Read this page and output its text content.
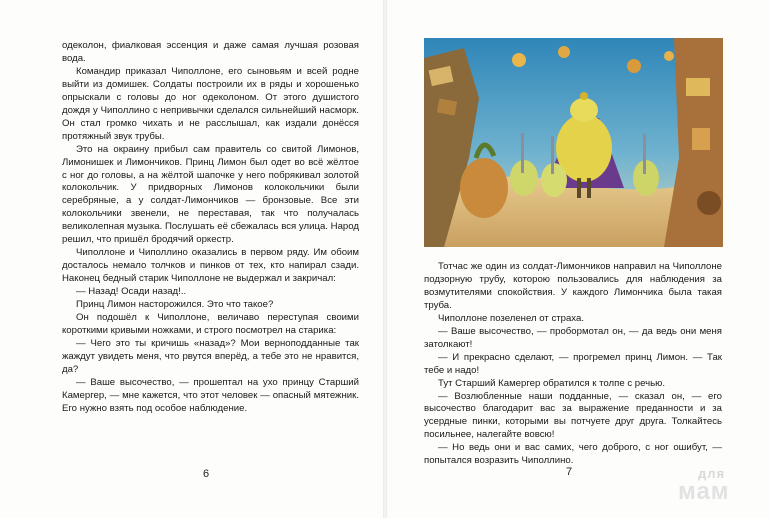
одеколон, фиалковая эссенция и даже самая лучшая розовая вода.

Командир приказал Чиполлоне, его сыновьям и всей родне выйти из домишек. Солдаты построили их в ряды и хорошенько опрыскали с головы до ног одеколоном. От этого душистого дождя у Чиполлино с непривычки сделался сильнейший насморк. Он стал громко чихать и не расслышал, как издали донёсся протяжный звук трубы.

Это на окраину прибыл сам правитель со свитой Лимонов, Лимонишек и Лимончиков. Принц Лимон был одет во всё жёлтое с ног до головы, а на жёлтой шапочке у него побрякивал золотой колокольчик. У придворных Лимонов колокольчики были серебряные, а у солдат-Лимончиков — бронзовые. Все эти колокольчики звенели, не переставая, так что получалась великолепная музыка. Послушать её сбежалась вся улица. Народ решил, что пришёл бродячий оркестр.

Чиполлоне и Чиполлино оказались в первом ряду. Им обоим досталось немало толчков и пинков от тех, кто напирал сзади. Наконец бедный старик Чиполлоне не выдержал и закричал:

— Назад! Осади назад!..

Принц Лимон насторожился. Это что такое?

Он подошёл к Чиполлоне, величаво переступая своими короткими кривыми ножками, и строго посмотрел на старика:

— Чего это ты кричишь «назад»? Мои верноподданные так жаждут увидеть меня, что рвутся вперёд, а тебе это не нравится, да?

— Ваше высочество, — прошептал на ухо принцу Старший Камергер, — мне кажется, что этот человек — опасный мятежник. Его нужно взять под особое наблюдение.

6

Тотчас же один из солдат-Лимончиков направил на Чиполлоне подзорную трубу, которою пользовались для наблюдения за возмутителями спокойствия. У каждого Лимончика была такая труба.

Чиполлоне позеленел от страха.

— Ваше высочество, — пробормотал он, — да ведь они меня затолкают!

— И прекрасно сделают, — прогремел принц Лимон. — Так тебе и надо!

Тут Старший Камергер обратился к толпе с речью.

— Возлюбленные наши подданные, — сказал он, — его высочество благодарит вас за выражение преданности и за усердные пинки, которыми вы потчуете друг друга. Толкайтесь посильнее, налегайте вовсю!

— Но ведь они и вас самих, чего доброго, с ног ошибут, — попытался возразить Чиполлино.

7	для
мам
